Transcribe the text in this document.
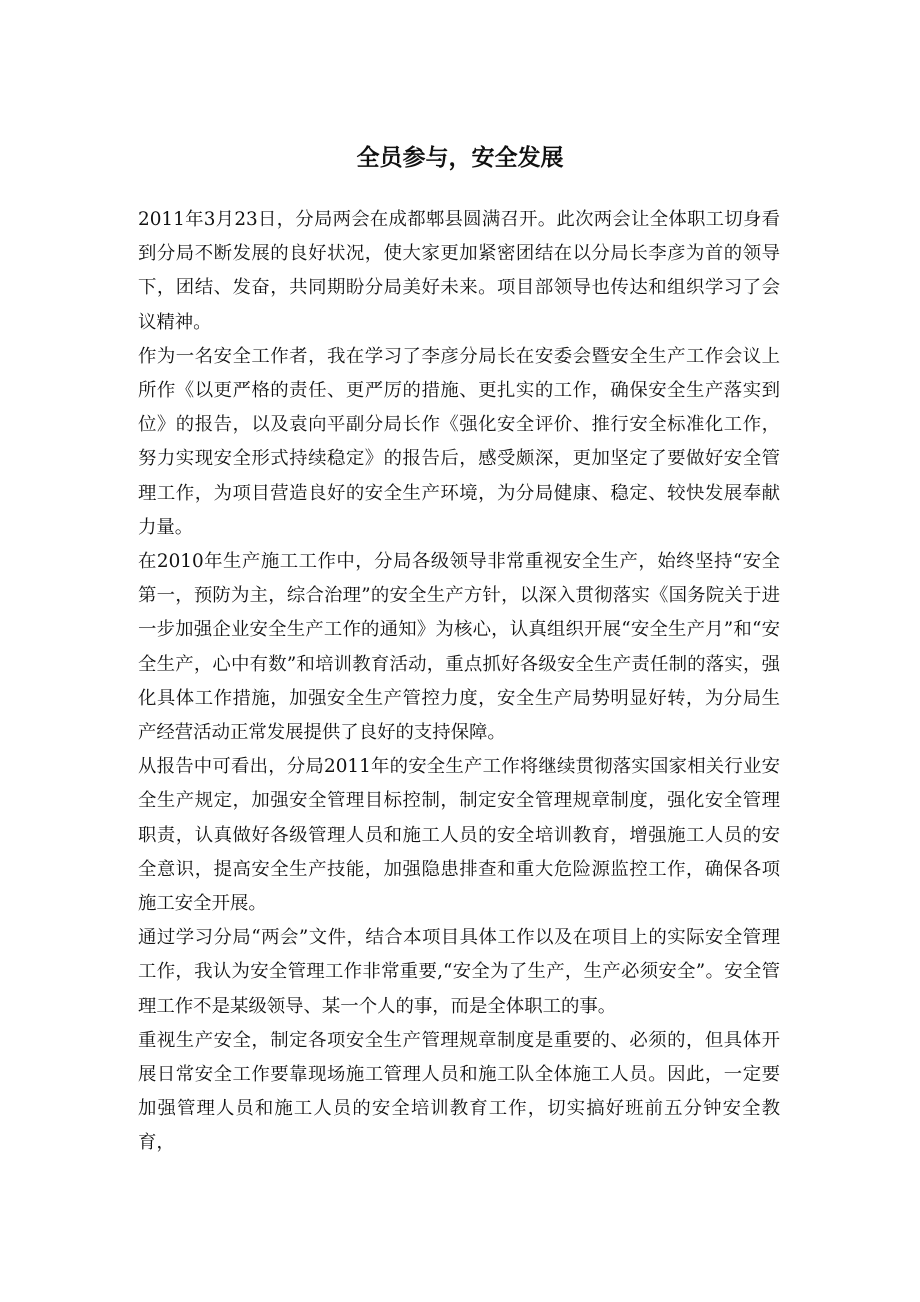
全员参与，安全发展

2011年3月23日，分局两会在成都郫县圆满召开。此次两会让全体职工切身看到分局不断发展的良好状况，使大家更加紧密团结在以分局长李彦为首的领导下，团结、发奋，共同期盼分局美好未来。项目部领导也传达和组织学习了会议精神。

作为一名安全工作者，我在学习了李彦分局长在安委会暨安全生产工作会议上所作《以更严格的责任、更严厉的措施、更扎实的工作，确保安全生产落实到位》的报告，以及袁向平副分局长作《强化安全评价、推行安全标准化工作，努力实现安全形式持续稳定》的报告后，感受颇深，更加坚定了要做好安全管理工作，为项目营造良好的安全生产环境，为分局健康、稳定、较快发展奉献力量。

在2010年生产施工工作中，分局各级领导非常重视安全生产，始终坚持“安全第一，预防为主，综合治理”的安全生产方针，以深入贯彻落实《国务院关于进一步加强企业安全生产工作的通知》为核心，认真组织开展“安全生产月”和“安全生产，心中有数”和培训教育活动，重点抓好各级安全生产责任制的落实，强化具体工作措施，加强安全生产管控力度，安全生产局势明显好转，为分局生产经营活动正常发展提供了良好的支持保障。

从报告中可看出，分局2011年的安全生产工作将继续贯彻落实国家相关行业安全生产规定，加强安全管理目标控制，制定安全管理规章制度，强化安全管理职责，认真做好各级管理人员和施工人员的安全培训教育，增强施工人员的安全意识，提高安全生产技能，加强隐患排查和重大危险源监控工作，确保各项施工安全开展。

通过学习分局“两会”文件，结合本项目具体工作以及在项目上的实际安全管理工作，我认为安全管理工作非常重要,“安全为了生产，生产必须安全”。安全管理工作不是某级领导、某一个人的事，而是全体职工的事。

重视生产安全，制定各项安全生产管理规章制度是重要的、必须的，但具体开展日常安全工作要靠现场施工管理人员和施工队全体施工人员。因此，一定要加强管理人员和施工人员的安全培训教育工作，切实搞好班前五分钟安全教育，
